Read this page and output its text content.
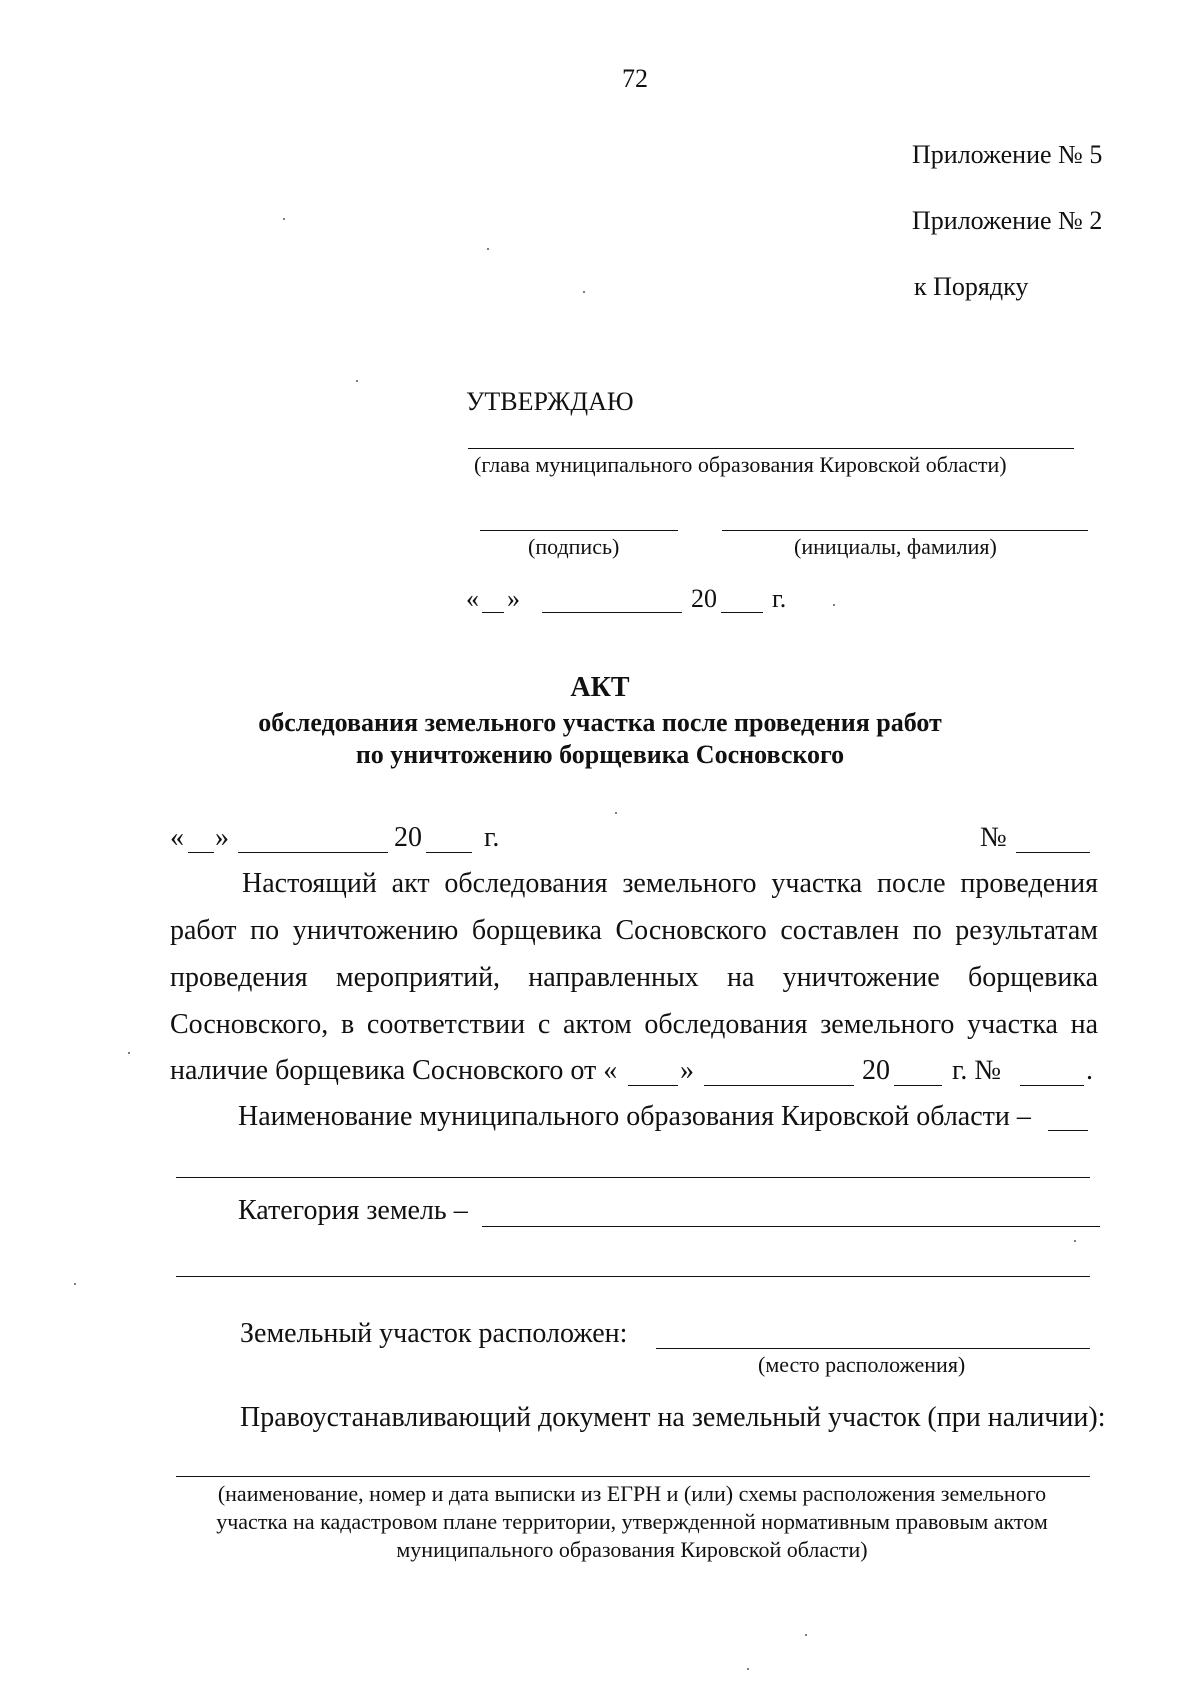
72
Приложение № 5
Приложение № 2
к Порядку
УТВЕРЖДАЮ
(глава муниципального образования Кировской области)
(подпись)	(инициалы, фамилия)
« »	20 г.
АКТ
обследования земельного участка после проведения работ
по уничтожению борщевика Сосновского
« »	20 г.	№
Настоящий акт обследования земельного участка после проведения
работ по уничтожению борщевика Сосновского составлен по результатам
проведения мероприятий, направленных на уничтожение борщевика
Сосновского, в соответствии с актом обследования земельного участка на
наличие борщевика Сосновского от « »	20 г. №	.
Наименование муниципального образования Кировской области –
Категория земель –
Земельный участок расположен:
(место расположения)
Правоустанавливающий документ на земельный участок (при наличии):
(наименование, номер и дата выписки из ЕГРН и (или) схемы расположения земельного
участка на кадастровом плане территории, утвержденной нормативным правовым актом
муниципального образования Кировской области)
